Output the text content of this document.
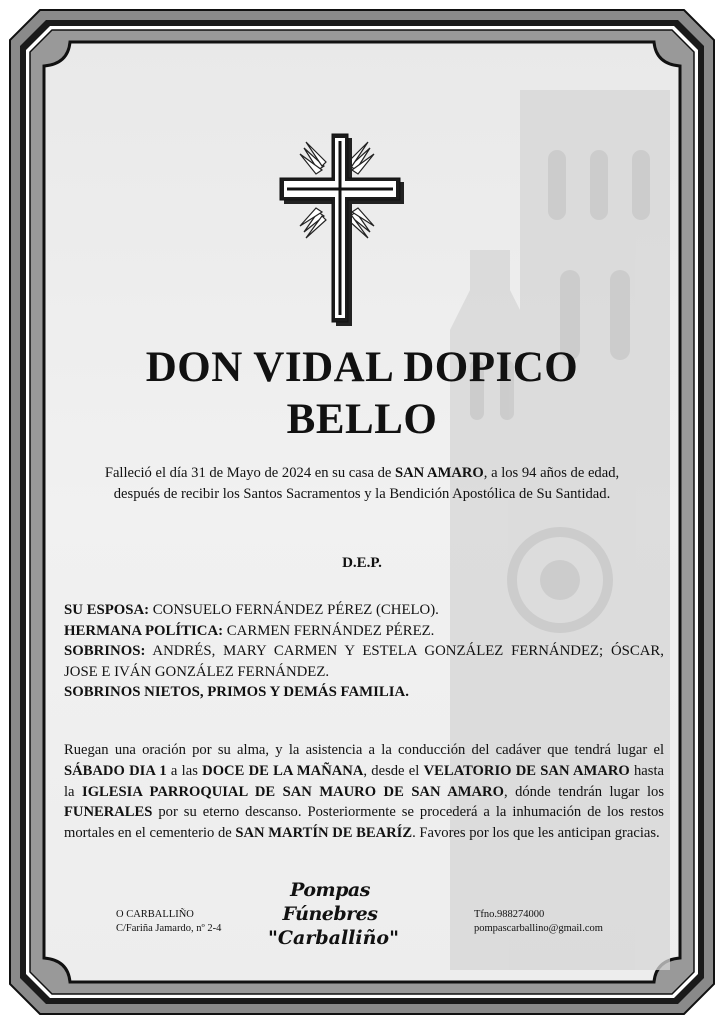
DON VIDAL DOPICO
BELLO
Falleció el día 31 de Mayo de 2024 en su casa de SAN AMARO, a los 94 años de edad,
después de recibir los Santos Sacramentos y la Bendición Apostólica de Su Santidad.
D.E.P.

SU ESPOSA: CONSUELO FERNÁNDEZ PÉREZ (CHELO).

HERMANA POLÍTICA: CARMEN FERNÁNDEZ PÉREZ.

SOBRINOS: ANDRÉS, MARY CARMEN Y ESTELA GONZÁLEZ FERNÁNDEZ; ÓSCAR, JOSE E IVÁN GONZÁLEZ FERNÁNDEZ.

SOBRINOS NIETOS, PRIMOS Y DEMÁS FAMILIA.

Ruegan una oración por su alma, y la asistencia a la conducción del cadáver que tendrá lugar el SÁBADO DIA 1 a las DOCE DE LA MAÑANA, desde el VELATORIO DE SAN AMARO hasta la IGLESIA PARROQUIAL DE SAN MAURO DE SAN AMARO, dónde tendrán lugar los FUNERALES por su eterno descanso. Posteriormente se procederá a la inhumación de los restos mortales en el cementerio de SAN MARTÍN DE BEARÍZ. Favores por los que les anticipan gracias.
O CARBALLIÑO
C/Fariña Jamardo, nº 2-4
Pompas Fúnebres
"Carballiño"
Tfno.988274000
pompascarballino@gmail.com
